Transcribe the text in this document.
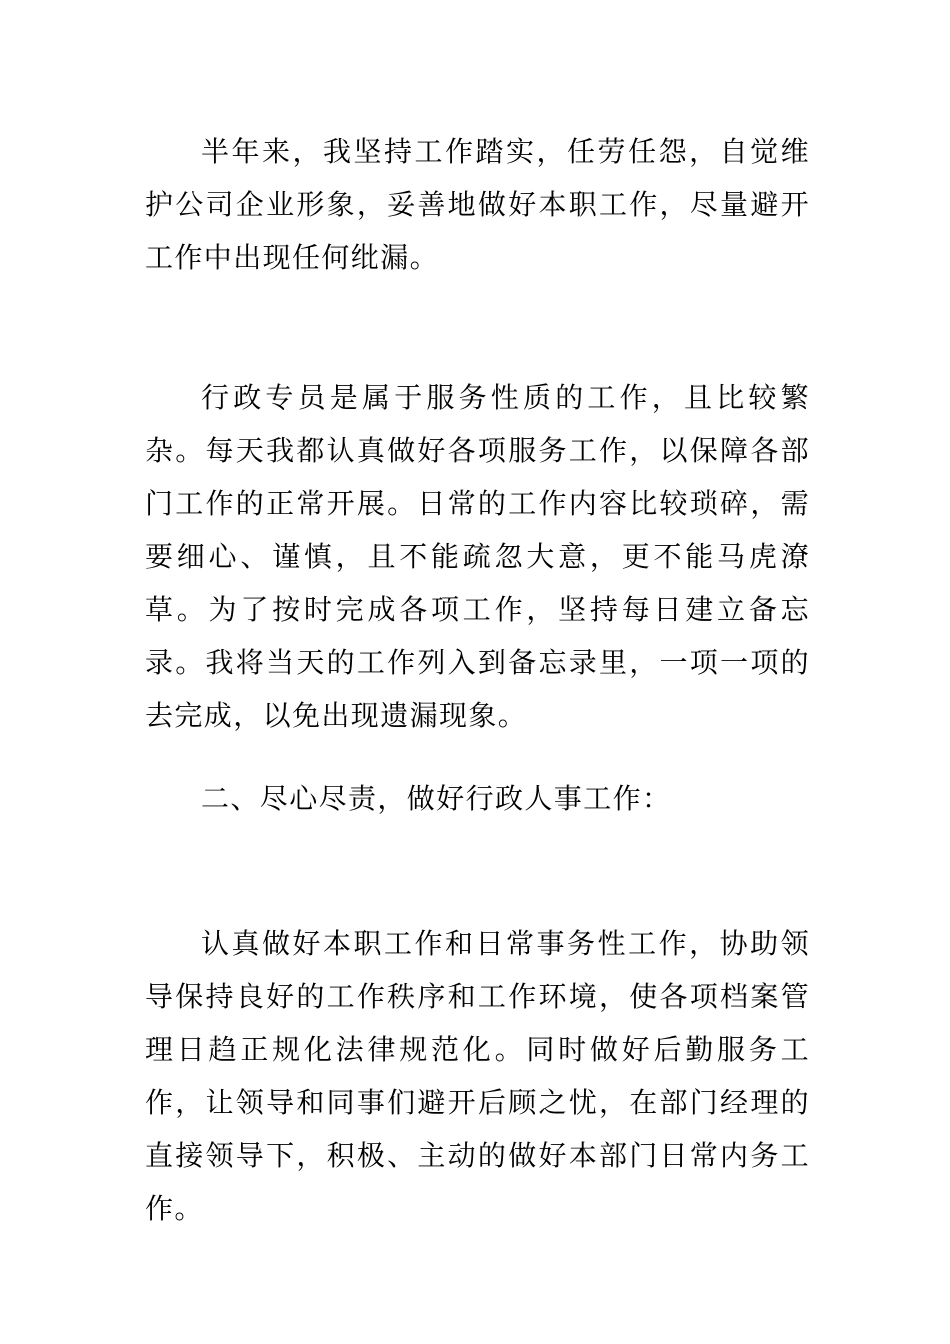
半年来，我坚持工作踏实，任劳任怨，自觉维护公司企业形象，妥善地做好本职工作，尽量避开工作中出现任何纰漏。

行政专员是属于服务性质的工作，且比较繁杂。每天我都认真做好各项服务工作，以保障各部门工作的正常开展。日常的工作内容比较琐碎，需要细心、谨慎，且不能疏忽大意，更不能马虎潦草。为了按时完成各项工作，坚持每日建立备忘录。我将当天的工作列入到备忘录里，一项一项的去完成，以免出现遗漏现象。

二、尽心尽责，做好行政人事工作：

认真做好本职工作和日常事务性工作，协助领导保持良好的工作秩序和工作环境，使各项档案管理日趋正规化法律规范化。同时做好后勤服务工作，让领导和同事们避开后顾之忧，在部门经理的直接领导下，积极、主动的做好本部门日常内务工作。
